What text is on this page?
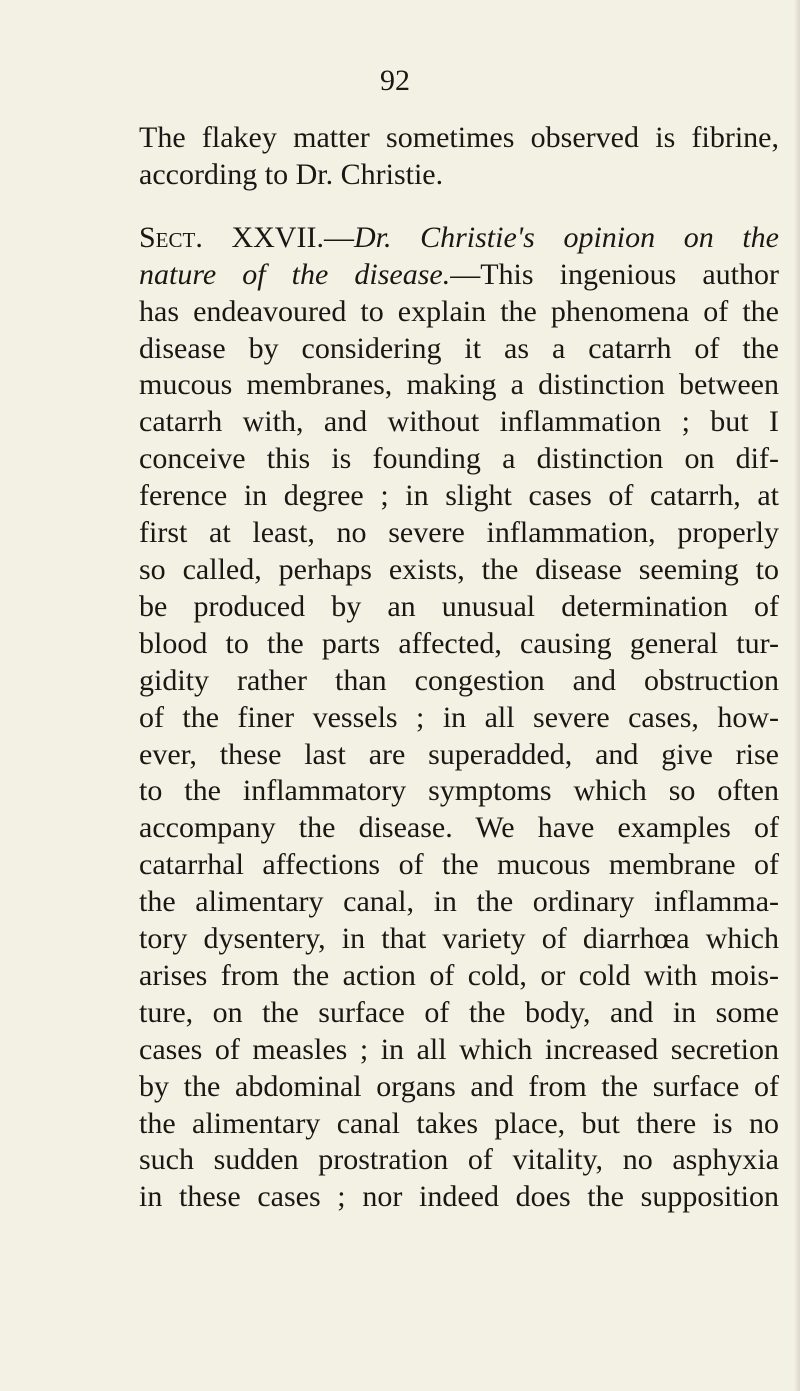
92
The flakey matter sometimes observed is fibrine,
according to Dr. Christie.
Sect. XXVII.—Dr. Christie's opinion on the
nature of the disease.—This ingenious author
has endeavoured to explain the phenomena of the
disease by considering it as a catarrh of the
mucous membranes, making a distinction between
catarrh with, and without inflammation ; but I
conceive this is founding a distinction on dif-
ference in degree ; in slight cases of catarrh, at
first at least, no severe inflammation, properly
so called, perhaps exists, the disease seeming to
be produced by an unusual determination of
blood to the parts affected, causing general tur-
gidity rather than congestion and obstruction
of the finer vessels ; in all severe cases, how-
ever, these last are superadded, and give rise
to the inflammatory symptoms which so often
accompany the disease. We have examples of
catarrhal affections of the mucous membrane of
the alimentary canal, in the ordinary inflamma-
tory dysentery, in that variety of diarrhœa which
arises from the action of cold, or cold with mois-
ture, on the surface of the body, and in some
cases of measles ; in all which increased secretion
by the abdominal organs and from the surface of
the alimentary canal takes place, but there is no
such sudden prostration of vitality, no asphyxia
in these cases ; nor indeed does the supposition
